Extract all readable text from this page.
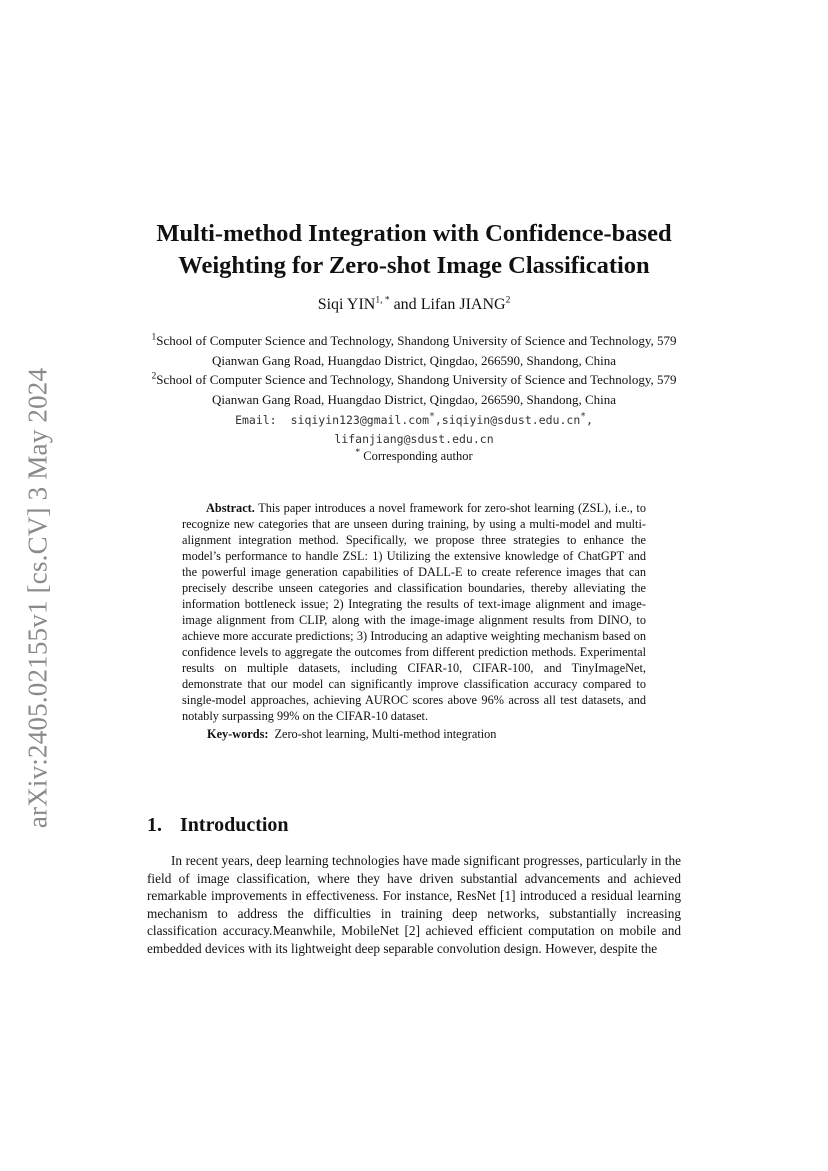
arXiv:2405.02155v1 [cs.CV] 3 May 2024
Multi-method Integration with Confidence-based
Weighting for Zero-shot Image Classification
Siqi $YIN^{1, *}$ and Lifan JIANG$^2$
$^1$School of Computer Science and Technology, Shandong University of Science and Technology, 579
Qianwan Gang Road, Huangdao District, Qingdao, 266590, Shandong, China
$^2$School of Computer Science and Technology, Shandong University of Science and Technology, 579
Qianwan Gang Road, Huangdao District, Qingdao, 266590, Shandong, China
Email: siqiyin123@gmail.com*,siqiyin@sdust.edu.cn*,
lifanjiang@sdust.edu.cn
* Corresponding author
Abstract. This paper introduces a novel framework for zero-shot learning (ZSL), i.e., to recognize new categories that are unseen during training, by using a multi-model and multi-alignment integration method. Specifically, we propose three strategies to enhance the model’s performance to handle ZSL: 1) Utilizing the extensive knowledge of ChatGPT and the powerful image generation capabilities of DALL-E to create reference images that can precisely describe unseen categories and classification boundaries, thereby alleviating the information bottleneck issue; 2) Integrating the results of text-image alignment and image-image alignment from CLIP, along with the image-image alignment results from DINO, to achieve more accurate predictions; 3) Introducing an adaptive weighting mechanism based on confidence levels to aggregate the outcomes from different prediction methods. Experimental results on multiple datasets, including CIFAR-10, CIFAR-100, and TinyImageNet, demonstrate that our model can significantly improve classification accuracy compared to single-model approaches, achieving AUROC scores above 96% across all test datasets, and notably surpassing 99% on the CIFAR-10 dataset.
Key-words: Zero-shot learning, Multi-method integration
1. Introduction
In recent years, deep learning technologies have made significant progresses, particularly in the field of image classification, where they have driven substantial advancements and achieved remarkable improvements in effectiveness. For instance, ResNet [1] introduced a residual learning mechanism to address the difficulties in training deep networks, substantially increasing classification accuracy.Meanwhile, MobileNet [2] achieved efficient computation on mobile and embedded devices with its lightweight deep separable convolution design. However, despite the
